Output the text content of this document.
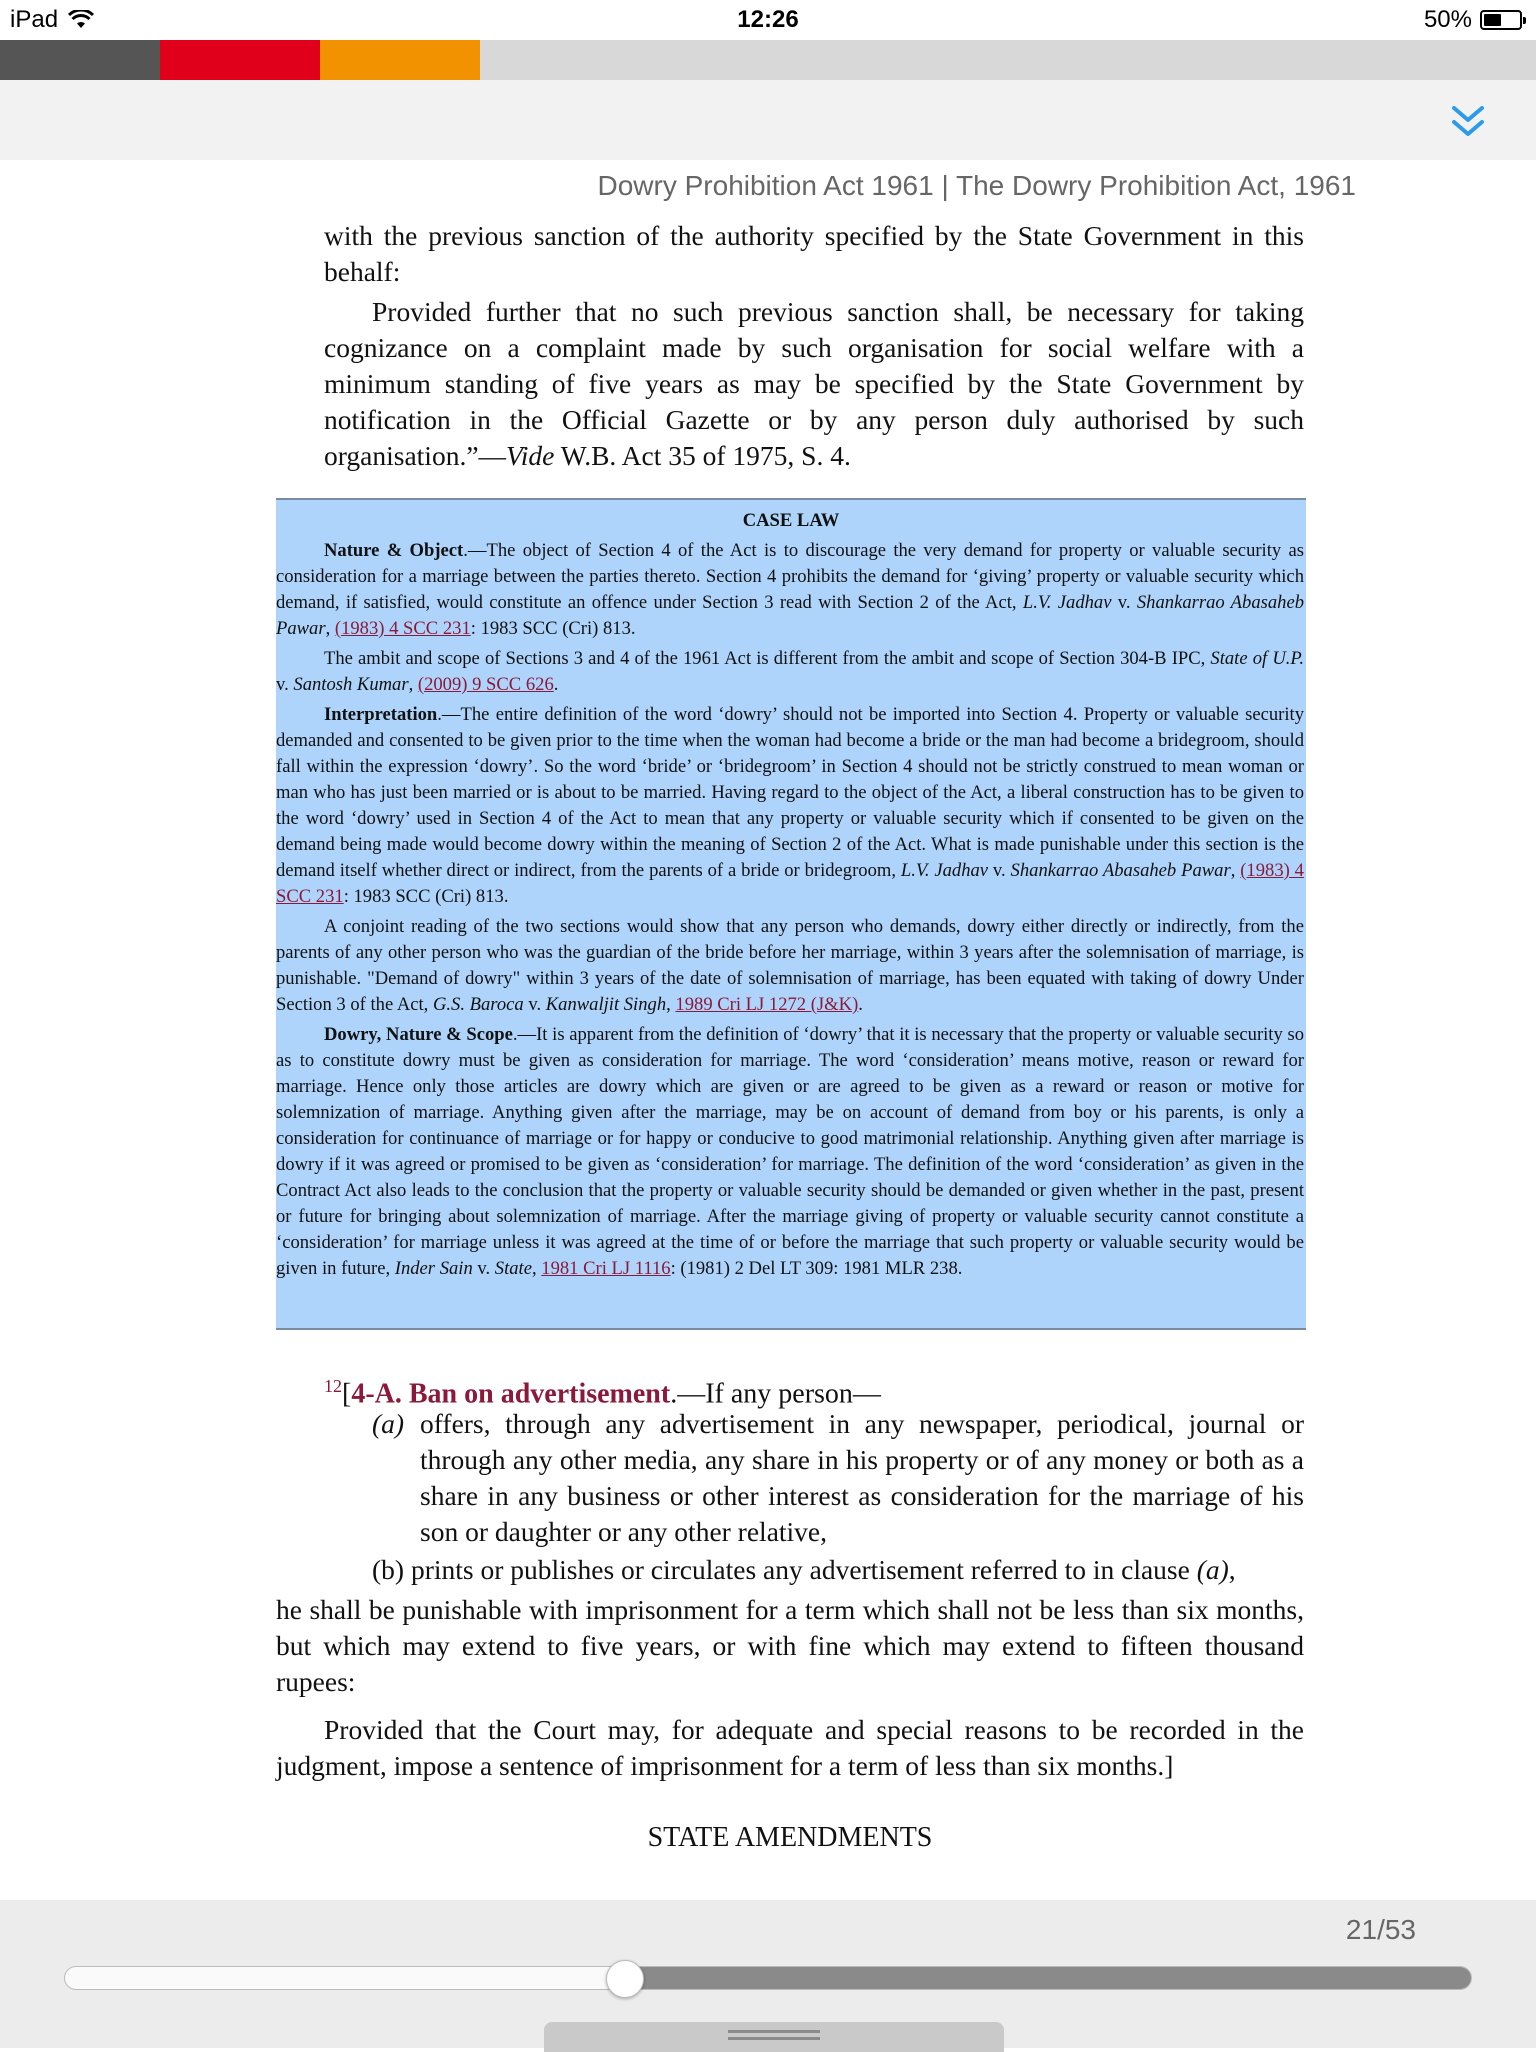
iPad	12:26	50%
Dowry Prohibition Act 1961 | The Dowry Prohibition Act, 1961
with the previous sanction of the authority specified by the State Government in this behalf:
Provided further that no such previous sanction shall, be necessary for taking cognizance on a complaint made by such organisation for social welfare with a minimum standing of five years as may be specified by the State Government by notification in the Official Gazette or by any person duly authorised by such organisation.”—Vide W.B. Act 35 of 1975, S. 4.
CASE LAW

Nature & Object.—The object of Section 4 of the Act is to discourage the very demand for property or valuable security as consideration for a marriage between the parties thereto. Section 4 prohibits the demand for ‘giving’ property or valuable security which demand, if satisfied, would constitute an offence under Section 3 read with Section 2 of the Act, L.V. Jadhav v. Shankarrao Abasaheb Pawar, (1983) 4 SCC 231: 1983 SCC (Cri) 813.

The ambit and scope of Sections 3 and 4 of the 1961 Act is different from the ambit and scope of Section 304-B IPC, State of U.P. v. Santosh Kumar, (2009) 9 SCC 626.

Interpretation.—The entire definition of the word ‘dowry’ should not be imported into Section 4. Property or valuable security demanded and consented to be given prior to the time when the woman had become a bride or the man had become a bridegroom, should fall within the expression ‘dowry’. So the word ‘bride’ or ‘bridegroom’ in Section 4 should not be strictly construed to mean woman or man who has just been married or is about to be married. Having regard to the object of the Act, a liberal construction has to be given to the word ‘dowry’ used in Section 4 of the Act to mean that any property or valuable security which if consented to be given on the demand being made would become dowry within the meaning of Section 2 of the Act. What is made punishable under this section is the demand itself whether direct or indirect, from the parents of a bride or bridegroom, L.V. Jadhav v. Shankarrao Abasaheb Pawar, (1983) 4 SCC 231: 1983 SCC (Cri) 813.

A conjoint reading of the two sections would show that any person who demands, dowry either directly or indirectly, from the parents of any other person who was the guardian of the bride before her marriage, within 3 years after the solemnisation of marriage, is punishable. "Demand of dowry" within 3 years of the date of solemnisation of marriage, has been equated with taking of dowry Under Section 3 of the Act, G.S. Baroca v. Kanwaljit Singh, 1989 Cri LJ 1272 (J&K).

Dowry, Nature & Scope.—It is apparent from the definition of ‘dowry’ that it is necessary that the property or valuable security so as to constitute dowry must be given as consideration for marriage. The word ‘consideration’ means motive, reason or reward for marriage. Hence only those articles are dowry which are given or are agreed to be given as a reward or reason or motive for solemnization of marriage. Anything given after the marriage, may be on account of demand from boy or his parents, is only a consideration for continuance of marriage or for happy or conducive to good matrimonial relationship. Anything given after marriage is dowry if it was agreed or promised to be given as ‘consideration’ for marriage. The definition of the word ‘consideration’ as given in the Contract Act also leads to the conclusion that the property or valuable security should be demanded or given whether in the past, present or future for bringing about solemnization of marriage. After the marriage giving of property or valuable security cannot constitute a ‘consideration’ for marriage unless it was agreed at the time of or before the marriage that such property or valuable security would be given in future, Inder Sain v. State, 1981 Cri LJ 1116: (1981) 2 Del LT 309: 1981 MLR 238.

$^{12}$[4-A. Ban on advertisement.—If any person—
(a) offers, through any advertisement in any newspaper, periodical, journal or through any other media, any share in his property or of any money or both as a share in any business or other interest as consideration for the marriage of his son or daughter or any other relative,
(b) prints or publishes or circulates any advertisement referred to in clause (a),
he shall be punishable with imprisonment for a term which shall not be less than six months, but which may extend to five years, or with fine which may extend to fifteen thousand rupees:
Provided that the Court may, for adequate and special reasons to be recorded in the judgment, impose a sentence of imprisonment for a term of less than six months.]
STATE AMENDMENTS
21/53
